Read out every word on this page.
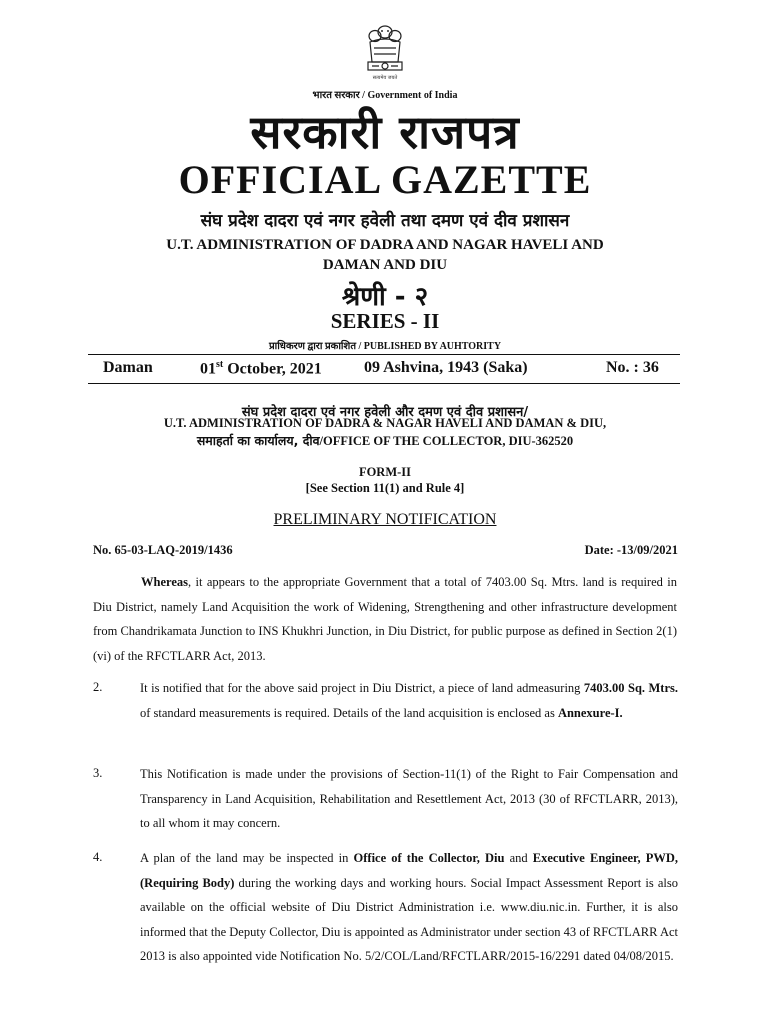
सत्यमेव जयते
भारत सरकार / Government of India
सरकारी राजपत्र
OFFICIAL GAZETTE
संघ प्रदेश दादरा एवं नगर हवेली तथा दमण एवं दीव प्रशासन
U.T. ADMINISTRATION OF DADRA AND NAGAR HAVELI AND
DAMAN AND DIU
श्रेणी - २
SERIES - II
प्राधिकरण द्वारा प्रकाशित / PUBLISHED BY AUHTORITY
Daman	01st October, 2021	09 Ashvina, 1943 (Saka)	No. : 36
संघ प्रदेश दादरा एवं नगर हवेली और दमण एवं दीव प्रशासन/
U.T. ADMINISTRATION OF DADRA & NAGAR HAVELI AND DAMAN & DIU,
समाहर्ता का कार्यालय, दीव/OFFICE OF THE COLLECTOR, DIU-362520
FORM-II
[See Section 11(1) and Rule 4]
PRELIMINARY NOTIFICATION
No. 65-03-LAQ-2019/1436	Date: -13/09/2021
Whereas, it appears to the appropriate Government that a total of 7403.00 Sq. Mtrs. land is required in Diu District, namely Land Acquisition the work of Widening, Strengthening and other infrastructure development from Chandrikamata Junction to INS Khukhri Junction, in Diu District, for public purpose as defined in Section 2(1) (vi) of the RFCTLARR Act, 2013.
2.	It is notified that for the above said project in Diu District, a piece of land admeasuring 7403.00 Sq. Mtrs. of standard measurements is required. Details of the land acquisition is enclosed as Annexure-I.
3.	This Notification is made under the provisions of Section-11(1) of the Right to Fair Compensation and Transparency in Land Acquisition, Rehabilitation and Resettlement Act, 2013 (30 of RFCTLARR, 2013), to all whom it may concern.
4.	A plan of the land may be inspected in Office of the Collector, Diu and Executive Engineer, PWD, (Requiring Body) during the working days and working hours. Social Impact Assessment Report is also available on the official website of Diu District Administration i.e. www.diu.nic.in. Further, it is also informed that the Deputy Collector, Diu is appointed as Administrator under section 43 of RFCTLARR Act 2013 is also appointed vide Notification No. 5/2/COL/Land/RFCTLARR/2015-16/2291 dated 04/08/2015.
